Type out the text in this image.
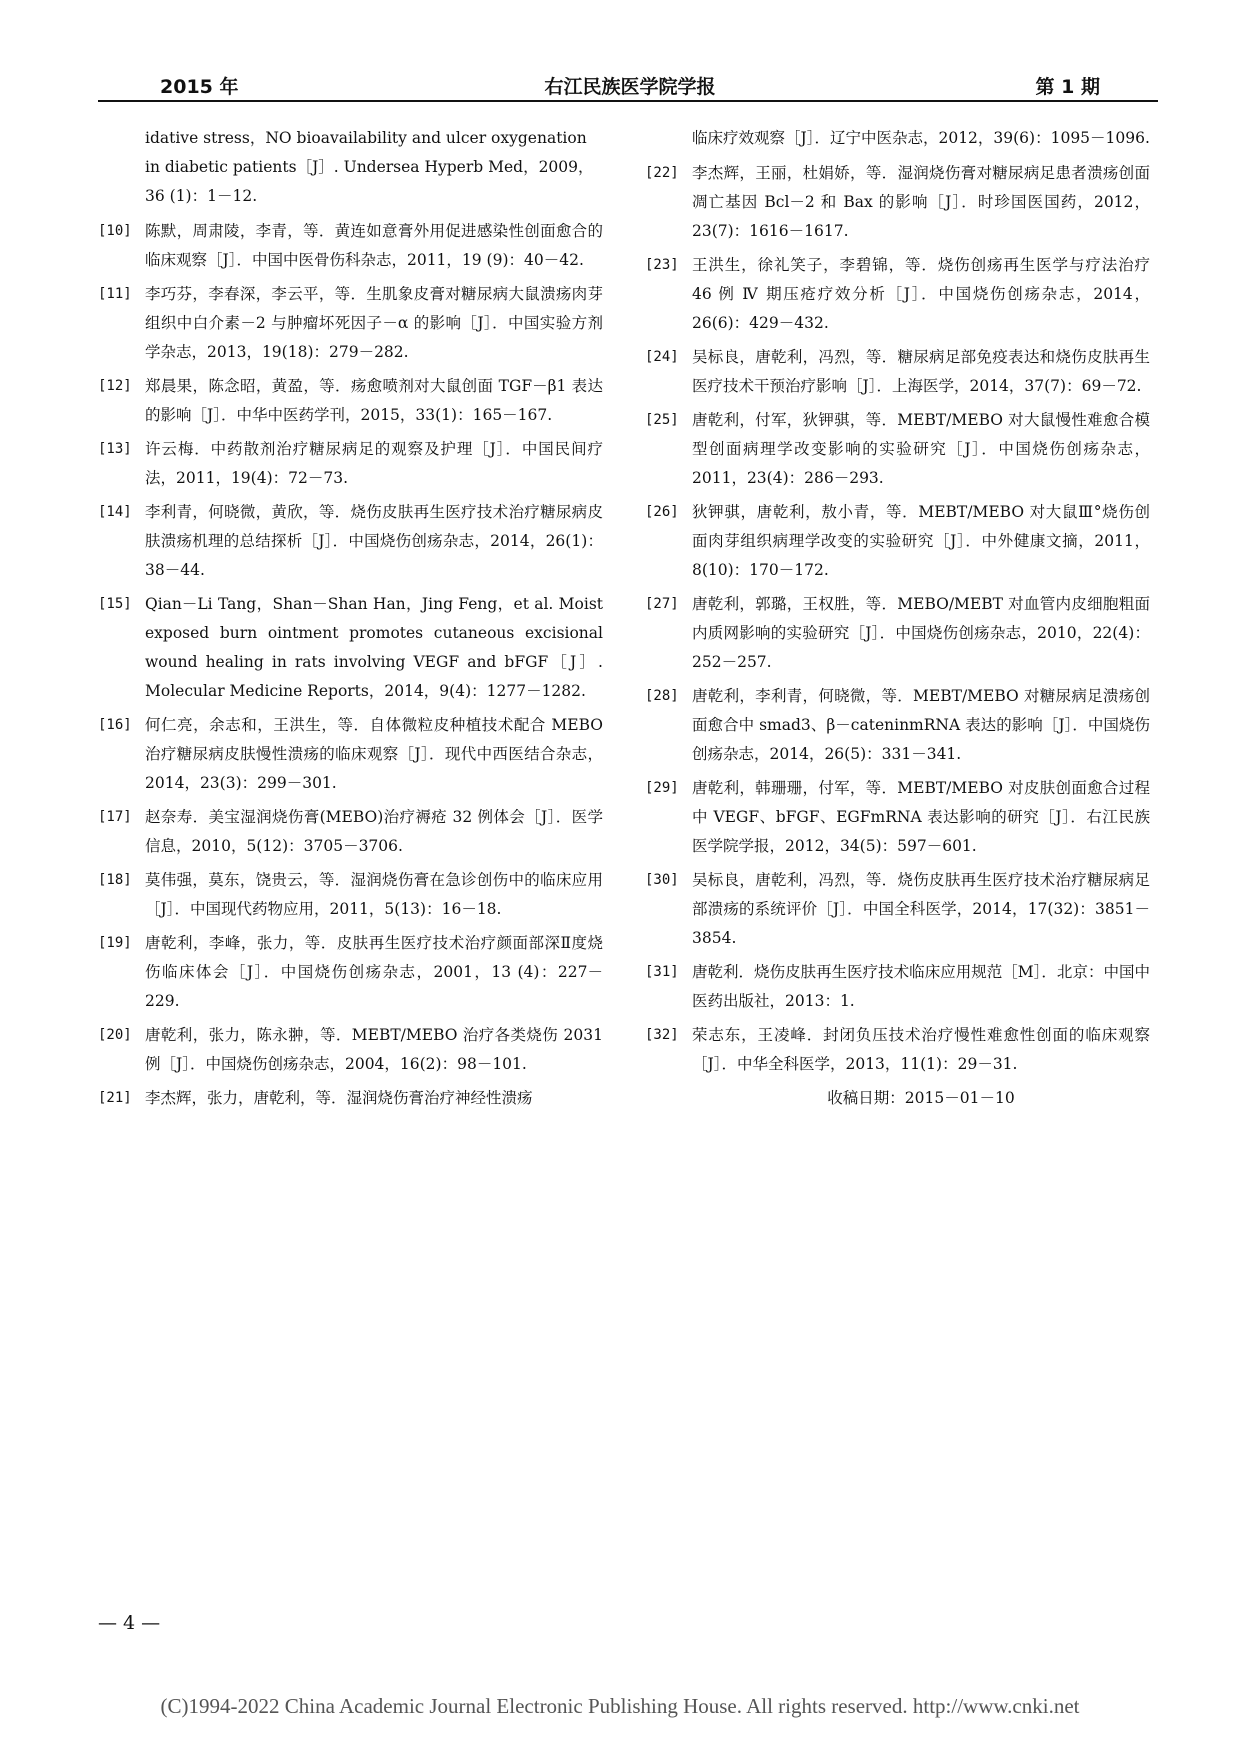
2015 年	右江民族医学院学报	第 1 期
idative stress，NO bioavailability and ulcer oxygenation in diabetic patients［J］. Undersea Hyperb Med，2009，36 (1)：1－12.
[10] 陈默，周肃陵，李青，等．黄连如意膏外用促进感染性创面愈合的临床观察［J］．中国中医骨伤科杂志，2011，19 (9)：40－42.
[11] 李巧芬，李春深，李云平，等．生肌象皮膏对糖尿病大鼠溃疡肉芽组织中白介素－2 与肿瘤坏死因子－α 的影响［J］．中国实验方剂学杂志，2013，19(18)：279－282.
[12] 郑晨果，陈念昭，黄盈，等．疡愈喷剂对大鼠创面 TGF－β1 表达的影响［J］．中华中医药学刊，2015，33(1)：165－167.
[13] 许云梅．中药散剂治疗糖尿病足的观察及护理［J］．中国民间疗法，2011，19(4)：72－73.
[14] 李利青，何晓微，黄欣，等．烧伤皮肤再生医疗技术治疗糖尿病皮肤溃疡机理的总结探析［J］．中国烧伤创疡杂志，2014，26(1)：38－44.
[15] Qian－Li Tang，Shan－Shan Han，Jing Feng，et al. Moist exposed burn ointment promotes cutaneous excisional wound healing in rats involving VEGF and bFGF［J］. Molecular Medicine Reports，2014，9(4)：1277－1282.
[16] 何仁亮，余志和，王洪生，等．自体微粒皮种植技术配合 MEBO 治疗糖尿病皮肤慢性溃疡的临床观察［J］．现代中西医结合杂志，2014，23(3)：299－301.
[17] 赵奈寿．美宝湿润烧伤膏(MEBO)治疗褥疮 32 例体会［J］．医学信息，2010，5(12)：3705－3706.
[18] 莫伟强，莫东，饶贵云，等．湿润烧伤膏在急诊创伤中的临床应用［J］．中国现代药物应用，2011，5(13)：16－18.
[19] 唐乾利，李峰，张力，等．皮肤再生医疗技术治疗颜面部深Ⅱ度烧伤临床体会［J］．中国烧伤创疡杂志，2001，13 (4)：227－229.
[20] 唐乾利，张力，陈永翀，等．MEBT/MEBO 治疗各类烧伤 2031 例［J］．中国烧伤创疡杂志，2004，16(2)：98－101.
[21] 李杰辉，张力，唐乾利，等．湿润烧伤膏治疗神经性溃疡
临床疗效观察［J］．辽宁中医杂志，2012，39(6)：1095－1096.
[22] 李杰辉，王丽，杜娟娇，等．湿润烧伤膏对糖尿病足患者溃疡创面凋亡基因 Bcl－2 和 Bax 的影响［J］．时珍国医国药，2012，23(7)：1616－1617.
[23] 王洪生，徐礼笑子，李碧锦，等．烧伤创疡再生医学与疗法治疗 46 例 Ⅳ 期压疮疗效分析［J］．中国烧伤创疡杂志，2014，26(6)：429－432.
[24] 吴标良，唐乾利，冯烈，等．糖尿病足部免疫表达和烧伤皮肤再生医疗技术干预治疗影响［J］．上海医学，2014，37(7)：69－72.
[25] 唐乾利，付军，狄钾骐，等．MEBT/MEBO 对大鼠慢性难愈合模型创面病理学改变影响的实验研究［J］．中国烧伤创疡杂志，2011，23(4)：286－293.
[26] 狄钾骐，唐乾利，敖小青，等．MEBT/MEBO 对大鼠Ⅲ°烧伤创面肉芽组织病理学改变的实验研究［J］．中外健康文摘，2011，8(10)：170－172.
[27] 唐乾利，郭璐，王权胜，等．MEBO/MEBT 对血管内皮细胞粗面内质网影响的实验研究［J］．中国烧伤创疡杂志，2010，22(4)：252－257.
[28] 唐乾利，李利青，何晓微，等．MEBT/MEBO 对糖尿病足溃疡创面愈合中 smad3、β－cateninmRNA 表达的影响［J］．中国烧伤创疡杂志，2014，26(5)：331－341.
[29] 唐乾利，韩珊珊，付军，等．MEBT/MEBO 对皮肤创面愈合过程中 VEGF、bFGF、EGFmRNA 表达影响的研究［J］．右江民族医学院学报，2012，34(5)：597－601.
[30] 吴标良，唐乾利，冯烈，等．烧伤皮肤再生医疗技术治疗糖尿病足部溃疡的系统评价［J］．中国全科医学，2014，17(32)：3851－3854.
[31] 唐乾利．烧伤皮肤再生医疗技术临床应用规范［M］．北京：中国中医药出版社，2013：1.
[32] 荣志东，王凌峰．封闭负压技术治疗慢性难愈性创面的临床观察［J］．中华全科医学，2013，11(1)：29－31.
收稿日期：2015－01－10
— 4 —
(C)1994-2022 China Academic Journal Electronic Publishing House. All rights reserved. http://www.cnki.net
